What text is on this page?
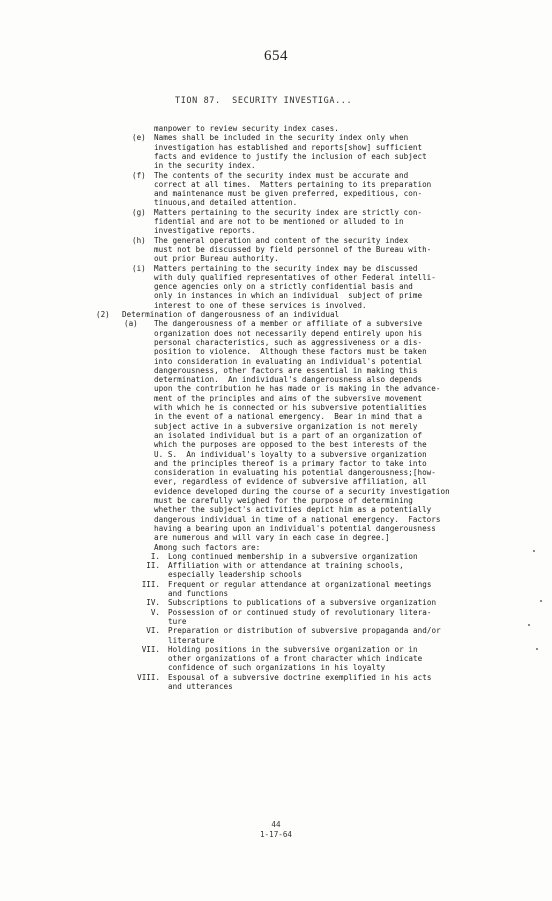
654
TION 87.  SECURITY INVESTIGA...
manpower to review security index cases.
(e) Names shall be included in the security index only when
investigation has established and reports[show] sufficient
facts and evidence to justify the inclusion of each subject
in the security index.
(f) The contents of the security index must be accurate and
correct at all times.  Matters pertaining to its preparation
and maintenance must be given preferred, expeditious, con-
tinuous,and detailed attention.
(g) Matters pertaining to the security index are strictly con-
fidential and are not to be mentioned or alluded to in
investigative reports.
(h) The general operation and content of the security index
must not be discussed by field personnel of the Bureau with-
out prior Bureau authority.
(i) Matters pertaining to the security index may be discussed
with duly qualified representatives of other Federal intelli-
gence agencies only on a strictly confidential basis and
only in instances in which an individual  subject of prime
interest to one of these services is involved.
(2) Determination of dangerousness of an individual
(a) The dangerousness of a member or affiliate of a subversive
organization does not necessarily depend entirely upon his
personal characteristics, such as aggressiveness or a dis-
position to violence.  Although these factors must be taken
into consideration in evaluating an individual's potential
dangerousness, other factors are essential in making this
determination.  An individual's dangerousness also depends
upon the contribution he has made or is making in the advance-
ment of the principles and aims of the subversive movement
with which he is connected or his subversive potentialities
in the event of a national emergency.  Bear in mind that a
subject active in a subversive organization is not merely
an isolated individual but is a part of an organization of
which the purposes are opposed to the best interests of the
U. S.  An individual's loyalty to a subversive organization
and the principles thereof is a primary factor to take into
consideration in evaluating his potential dangerousness;[how-
ever, regardless of evidence of subversive affiliation, all
evidence developed during the course of a security investigation
must be carefully weighed for the purpose of determining
whether the subject's activities depict him as a potentially
dangerous individual in time of a national emergency.  Factors
having a bearing upon an individual's potential dangerousness
are numerous and will vary in each case in degree.]
Among such factors are:
I. Long continued membership in a subversive organization
II. Affiliation with or attendance at training schools,
especially leadership schools
III. Frequent or regular attendance at organizational meetings
and functions
IV. Subscriptions to publications of a subversive organization
V. Possession of or continued study of revolutionary litera-
ture
VI. Preparation or distribution of subversive propaganda and/or
literature
VII. Holding positions in the subversive organization or in
other organizations of a front character which indicate
confidence of such organizations in his loyalty
VIII. Espousal of a subversive doctrine exemplified in his acts
and utterances
44
1-17-64
